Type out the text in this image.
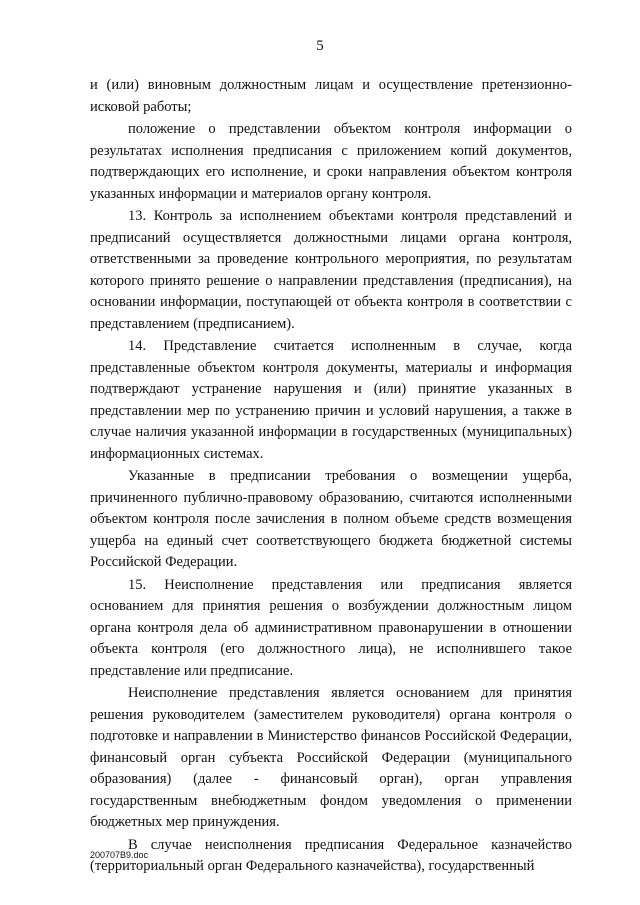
5

и (или) виновным должностным лицам и осуществление претензионно-исковой работы;

положение о представлении объектом контроля информации о результатах исполнения предписания с приложением копий документов, подтверждающих его исполнение, и сроки направления объектом контроля указанных информации и материалов органу контроля.

13. Контроль за исполнением объектами контроля представлений и предписаний осуществляется должностными лицами органа контроля, ответственными за проведение контрольного мероприятия, по результатам которого принято решение о направлении представления (предписания), на основании информации, поступающей от объекта контроля в соответствии с представлением (предписанием).

14. Представление считается исполненным в случае, когда представленные объектом контроля документы, материалы и информация подтверждают устранение нарушения и (или) принятие указанных в представлении мер по устранению причин и условий нарушения, а также в случае наличия указанной информации в государственных (муниципальных) информационных системах.

Указанные в предписании требования о возмещении ущерба, причиненного публично-правовому образованию, считаются исполненными объектом контроля после зачисления в полном объеме средств возмещения ущерба на единый счет соответствующего бюджета бюджетной системы Российской Федерации.

15. Неисполнение представления или предписания является основанием для принятия решения о возбуждении должностным лицом органа контроля дела об административном правонарушении в отношении объекта контроля (его должностного лица), не исполнившего такое представление или предписание.

Неисполнение представления является основанием для принятия решения руководителем (заместителем руководителя) органа контроля о подготовке и направлении в Министерство финансов Российской Федерации, финансовый орган субъекта Российской Федерации (муниципального образования) (далее - финансовый орган), орган управления государственным внебюджетным фондом уведомления о применении бюджетных мер принуждения.

В случае неисполнения предписания Федеральное казначейство (территориальный орган Федерального казначейства), государственный

200707B9.doc
